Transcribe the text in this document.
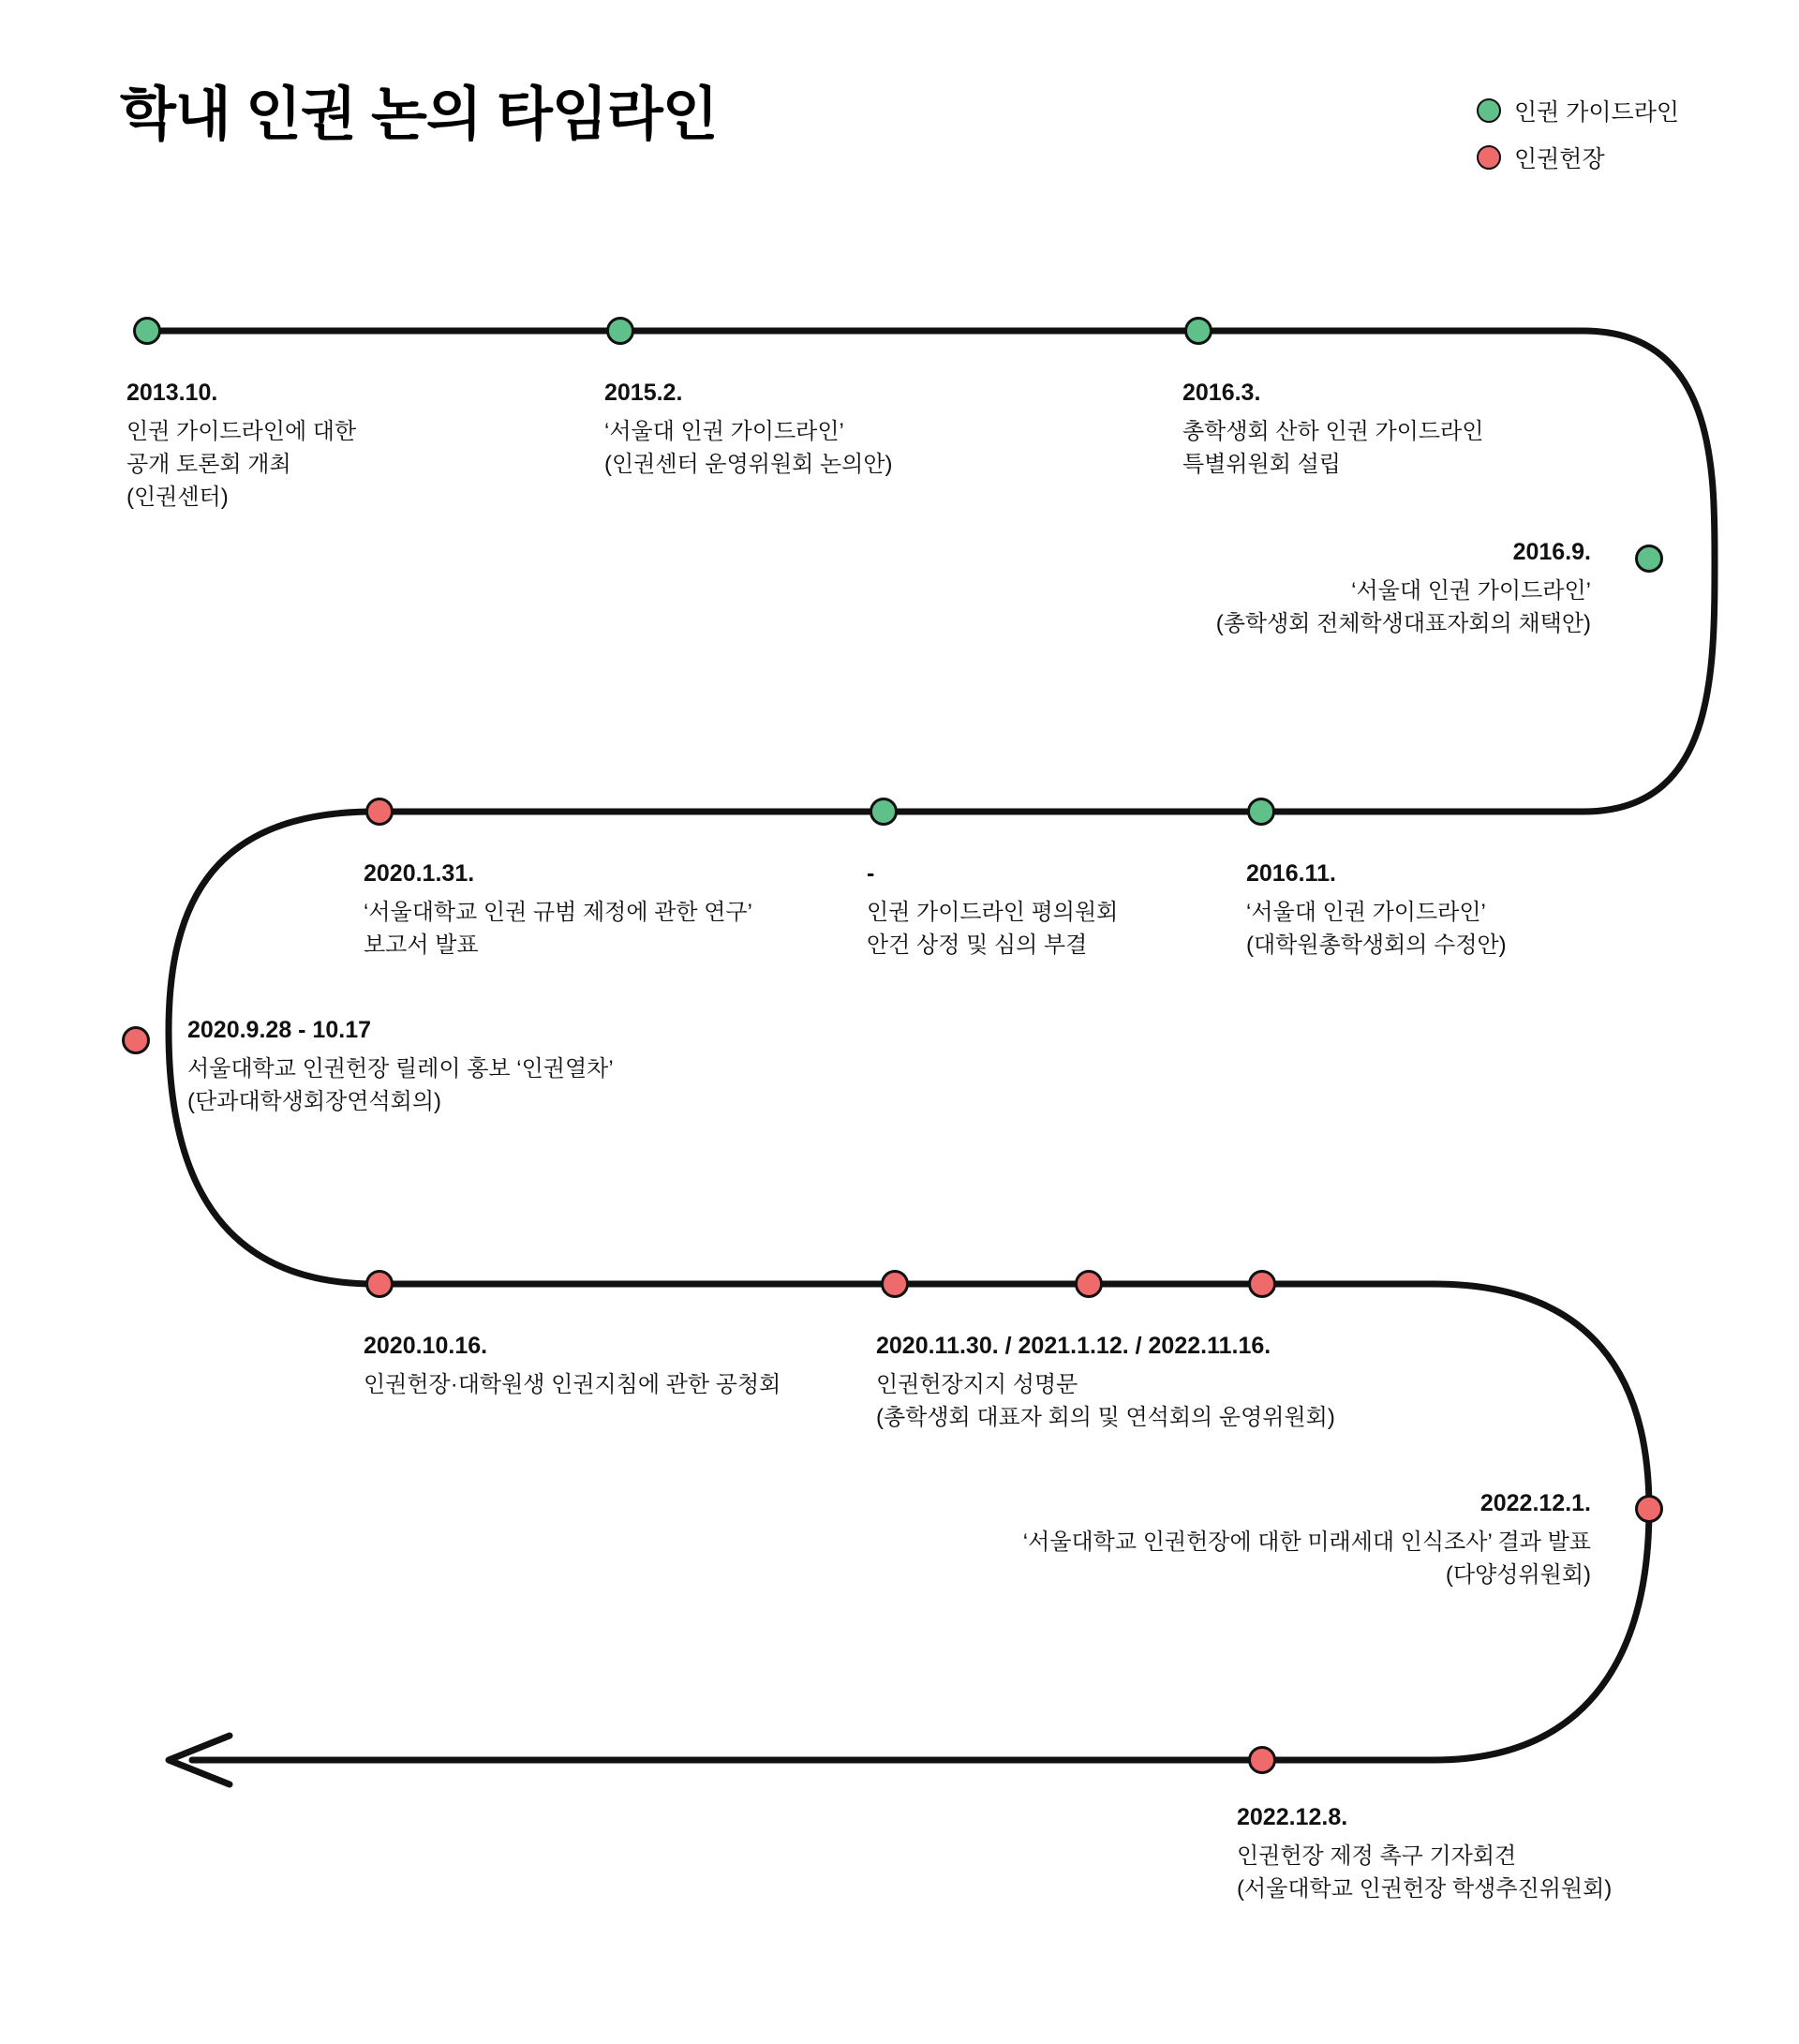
학내 인권 논의 타임라인	인권 가이드라인
인권헌장
2013.10.
인권 가이드라인에 대한
공개 토론회 개최
(인권센터)
2015.2.
‘서울대 인권 가이드라인’
(인권센터 운영위원회 논의안)
2016.3.
총학생회 산하 인권 가이드라인
특별위원회 설립
2016.9.
‘서울대 인권 가이드라인’
(총학생회 전체학생대표자회의 채택안)
2016.11.
‘서울대 인권 가이드라인’
(대학원총학생회의 수정안)
-
인권 가이드라인 평의원회
안건 상정 및 심의 부결
2020.1.31.
‘서울대학교 인권 규범 제정에 관한 연구’
보고서 발표
2020.9.28 - 10.17
서울대학교 인권헌장 릴레이 홍보 ‘인권열차’
(단과대학생회장연석회의)
2020.10.16.
인권헌장·대학원생 인권지침에 관한 공청회
2020.11.30. / 2021.1.12. / 2022.11.16.
인권헌장지지 성명문
(총학생회 대표자 회의 및 연석회의 운영위원회)
2022.12.1.
‘서울대학교 인권헌장에 대한 미래세대 인식조사’ 결과 발표
(다양성위원회)
2022.12.8.
인권헌장 제정 촉구 기자회견
(서울대학교 인권헌장 학생추진위원회)
